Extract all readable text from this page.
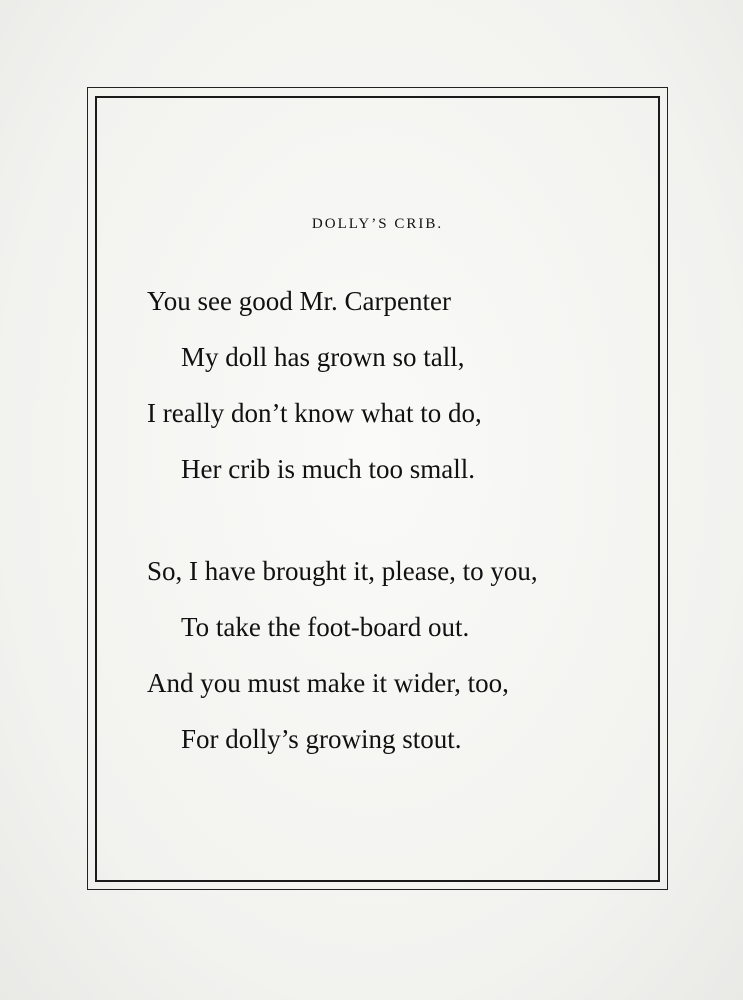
DOLLY’S CRIB.

You see good Mr. Carpenter

My doll has grown so tall,

I really don’t know what to do,

Her crib is much too small.

So, I have brought it, please, to you,

To take the foot-board out.

And you must make it wider, too,

For dolly’s growing stout.
